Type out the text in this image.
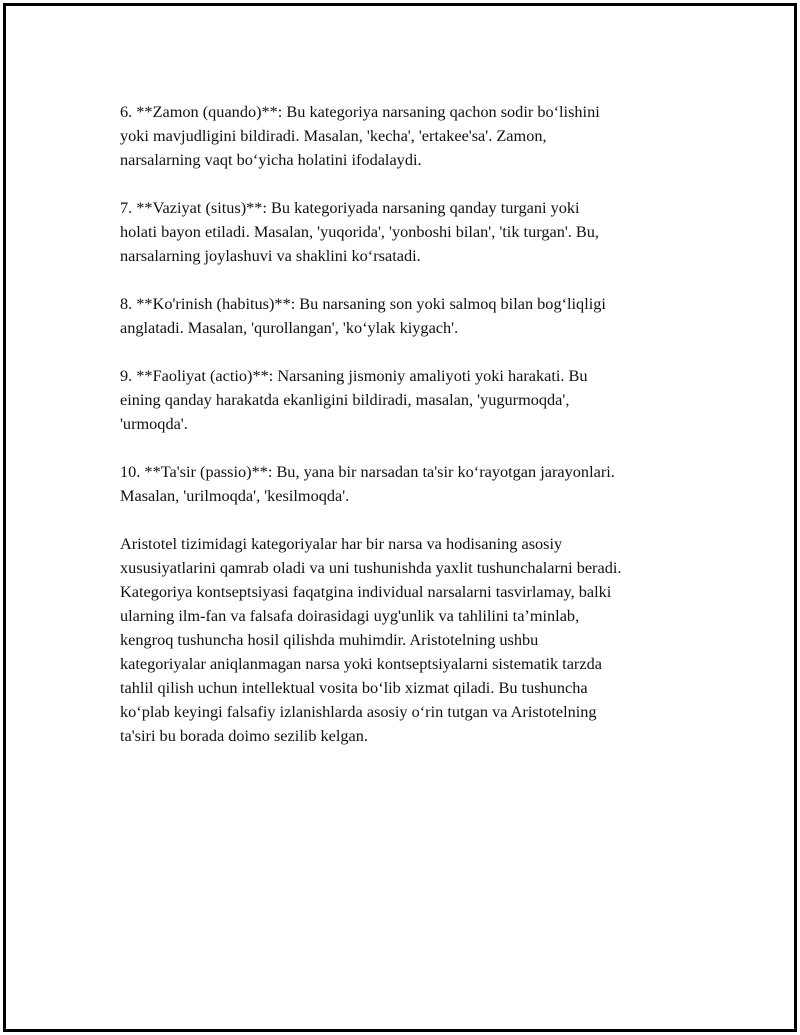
6. **Zamon (quando)**: Bu kategoriya narsaning qachon sodir bo‘lishini
yoki mavjudligini bildiradi. Masalan, 'kecha', 'ertakee'sa'. Zamon,
narsalarning vaqt bo‘yicha holatini ifodalaydi.

7. **Vaziyat (situs)**: Bu kategoriyada narsaning qanday turgani yoki
holati bayon etiladi. Masalan, 'yuqorida', 'yonboshi bilan', 'tik turgan'. Bu,
narsalarning joylashuvi va shaklini ko‘rsatadi.

8. **Ko'rinish (habitus)**: Bu narsaning son yoki salmoq bilan bog‘liqligi
anglatadi. Masalan, 'qurollangan', 'ko‘ylak kiygach'.

9. **Faoliyat (actio)**: Narsaning jismoniy amaliyoti yoki harakati. Bu
eining qanday harakatda ekanligini bildiradi, masalan, 'yugurmoqda',
'urmoqda'.

10. **Ta'sir (passio)**: Bu, yana bir narsadan ta'sir ko‘rayotgan jarayonlari.
Masalan, 'urilmoqda', 'kesilmoqda'.

Aristotel tizimidagi kategoriyalar har bir narsa va hodisaning asosiy
xususiyatlarini qamrab oladi va uni tushunishda yaxlit tushunchalarni beradi.
Kategoriya kontseptsiyasi faqatgina individual narsalarni tasvirlamay, balki
ularning ilm-fan va falsafa doirasidagi uyg'unlik va tahlilini ta’minlab,
kengroq tushuncha hosil qilishda muhimdir. Aristotelning ushbu
kategoriyalar aniqlanmagan narsa yoki kontseptsiyalarni sistematik tarzda
tahlil qilish uchun intellektual vosita bo‘lib xizmat qiladi. Bu tushuncha
ko‘plab keyingi falsafiy izlanishlarda asosiy o‘rin tutgan va Aristotelning
ta'siri bu borada doimo sezilib kelgan.
